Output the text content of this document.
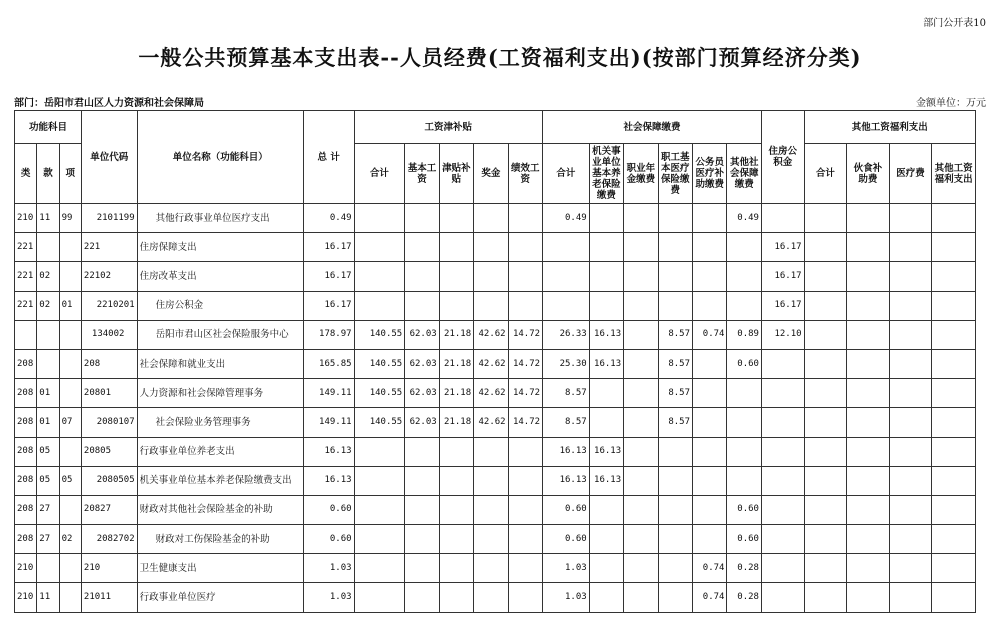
部门公开表10
一般公共预算基本支出表--人员经费(工资福利支出)(按部门预算经济分类)
部门：岳阳市君山区人力资源和社会保障局	金额单位：万元
功能科目			单位代码	单位名称（功能科目）	总 计	工资津补贴					社会保障缴费						住房公积金	其他工资福利支出			
类	款	项				合计	基本工资	津贴补贴	奖金	绩效工资	合计	机关事业单位基本养老保险缴费	职业年金缴费	职工基本医疗保险缴费	公务员医疗补助缴费	其他社会保障缴费		合计	伙食补助费	医疗费	其他工资福利支出
210	11	99	2101199	其他行政事业单位医疗支出	0.49						0.49					0.49					
221			221	住房保障支出	16.17												16.17				
221	02		22102	住房改革支出	16.17												16.17				
221	02	01	2210201	住房公积金	16.17												16.17				
			134002	岳阳市君山区社会保险服务中心	178.97	140.55	62.03	21.18	42.62	14.72	26.33	16.13		8.57	0.74	0.89	12.10				
208			208	社会保障和就业支出	165.85	140.55	62.03	21.18	42.62	14.72	25.30	16.13		8.57		0.60					
208	01		20801	人力资源和社会保障管理事务	149.11	140.55	62.03	21.18	42.62	14.72	8.57			8.57							
208	01	07	2080107	社会保险业务管理事务	149.11	140.55	62.03	21.18	42.62	14.72	8.57			8.57							
208	05		20805	行政事业单位养老支出	16.13						16.13	16.13									
208	05	05	2080505	机关事业单位基本养老保险缴费支出	16.13						16.13	16.13									
208	27		20827	财政对其他社会保险基金的补助	0.60						0.60					0.60					
208	27	02	2082702	财政对工伤保险基金的补助	0.60						0.60					0.60					
210			210	卫生健康支出	1.03						1.03				0.74	0.28					
210	11		21011	行政事业单位医疗	1.03						1.03				0.74	0.28					
